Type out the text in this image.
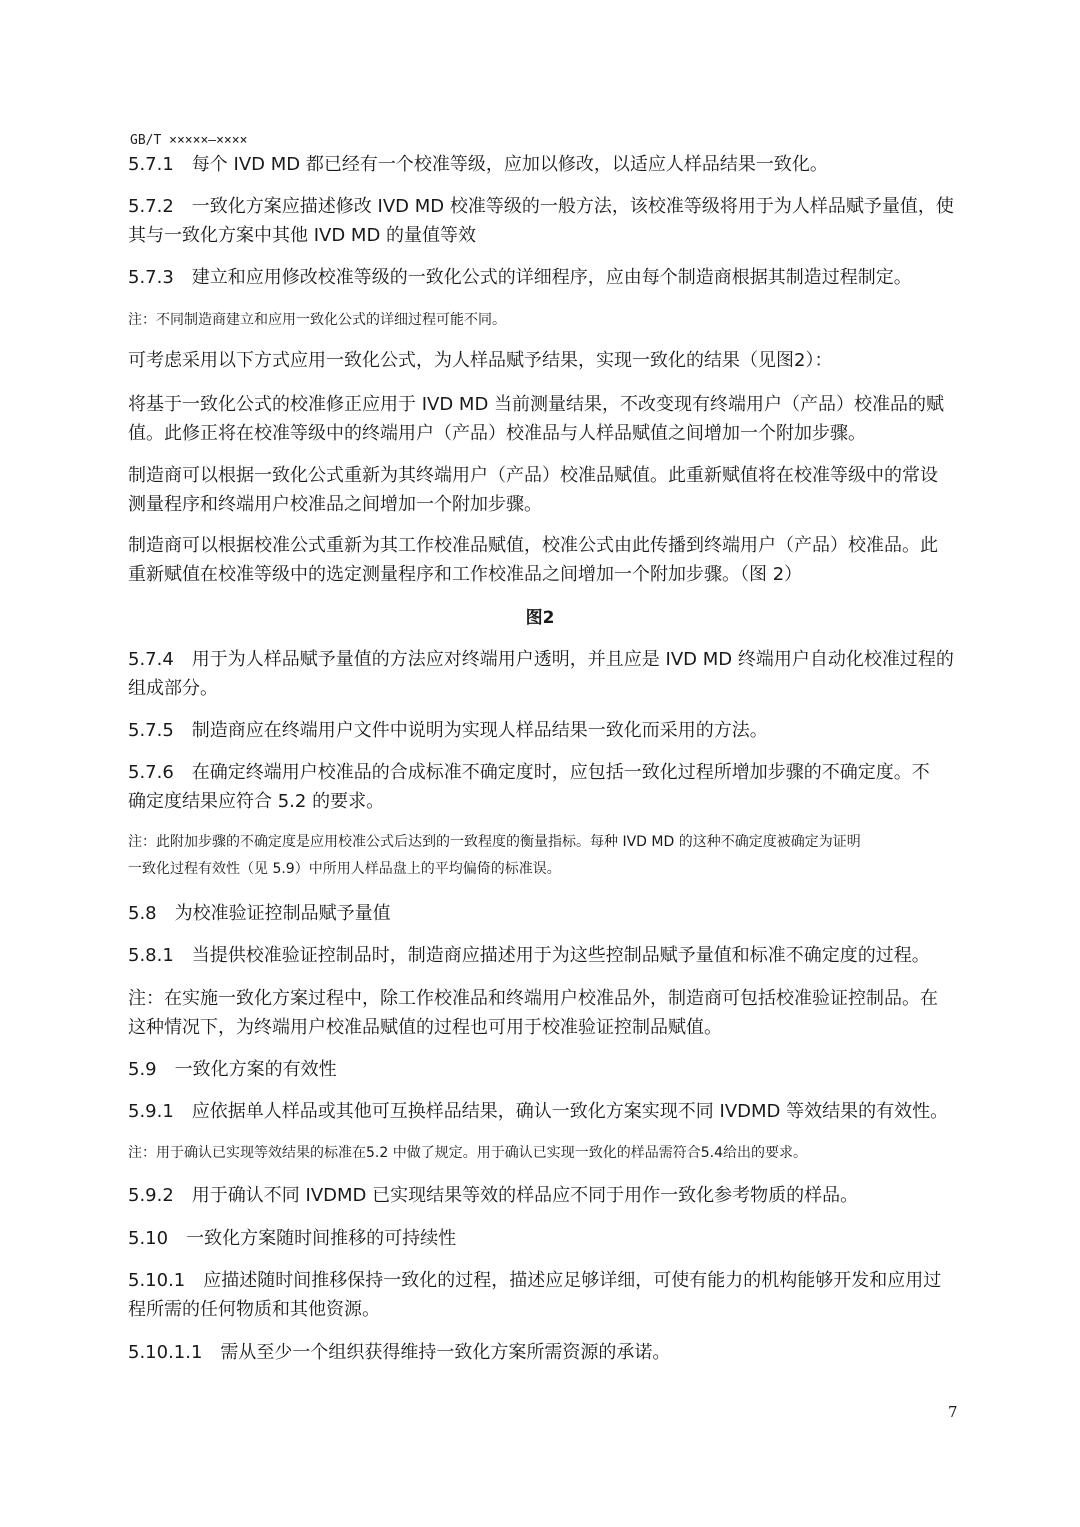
GB/T ×××××—××××
5.7.1　每个 IVD MD 都已经有一个校准等级，应加以修改，以适应人样品结果一致化。
5.7.2　一致化方案应描述修改 IVD MD 校准等级的一般方法，该校准等级将用于为人样品赋予量值，使
其与一致化方案中其他 IVD MD 的量值等效
5.7.3　建立和应用修改校准等级的一致化公式的详细程序，应由每个制造商根据其制造过程制定。
注：不同制造商建立和应用一致化公式的详细过程可能不同。
可考虑采用以下方式应用一致化公式，为人样品赋予结果，实现一致化的结果（见图2）：
将基于一致化公式的校准修正应用于 IVD MD 当前测量结果，不改变现有终端用户（产品）校准品的赋
值。此修正将在校准等级中的终端用户（产品）校准品与人样品赋值之间增加一个附加步骤。
制造商可以根据一致化公式重新为其终端用户（产品）校准品赋值。此重新赋值将在校准等级中的常设
测量程序和终端用户校准品之间增加一个附加步骤。
制造商可以根据校准公式重新为其工作校准品赋值，校准公式由此传播到终端用户（产品）校准品。此
重新赋值在校准等级中的选定测量程序和工作校准品之间增加一个附加步骤。（图 2）
图2
5.7.4　用于为人样品赋予量值的方法应对终端用户透明，并且应是 IVD MD 终端用户自动化校准过程的
组成部分。
5.7.5　制造商应在终端用户文件中说明为实现人样品结果一致化而采用的方法。
5.7.6　在确定终端用户校准品的合成标准不确定度时，应包括一致化过程所增加步骤的不确定度。不
确定度结果应符合 5.2 的要求。
注：此附加步骤的不确定度是应用校准公式后达到的一致程度的衡量指标。每种 IVD MD 的这种不确定度被确定为证明
一致化过程有效性（见 5.9）中所用人样品盘上的平均偏倚的标准误。
5.8　为校准验证控制品赋予量值
5.8.1　当提供校准验证控制品时，制造商应描述用于为这些控制品赋予量值和标准不确定度的过程。
注：在实施一致化方案过程中，除工作校准品和终端用户校准品外，制造商可包括校准验证控制品。在
这种情况下，为终端用户校准品赋值的过程也可用于校准验证控制品赋值。
5.9　一致化方案的有效性
5.9.1　应依据单人样品或其他可互换样品结果，确认一致化方案实现不同 IVDMD 等效结果的有效性。
注：用于确认已实现等效结果的标准在5.2 中做了规定。用于确认已实现一致化的样品需符合5.4给出的要求。
5.9.2　用于确认不同 IVDMD 已实现结果等效的样品应不同于用作一致化参考物质的样品。
5.10　一致化方案随时间推移的可持续性
5.10.1　应描述随时间推移保持一致化的过程，描述应足够详细，可使有能力的机构能够开发和应用过
程所需的任何物质和其他资源。
5.10.1.1　需从至少一个组织获得维持一致化方案所需资源的承诺。
7
